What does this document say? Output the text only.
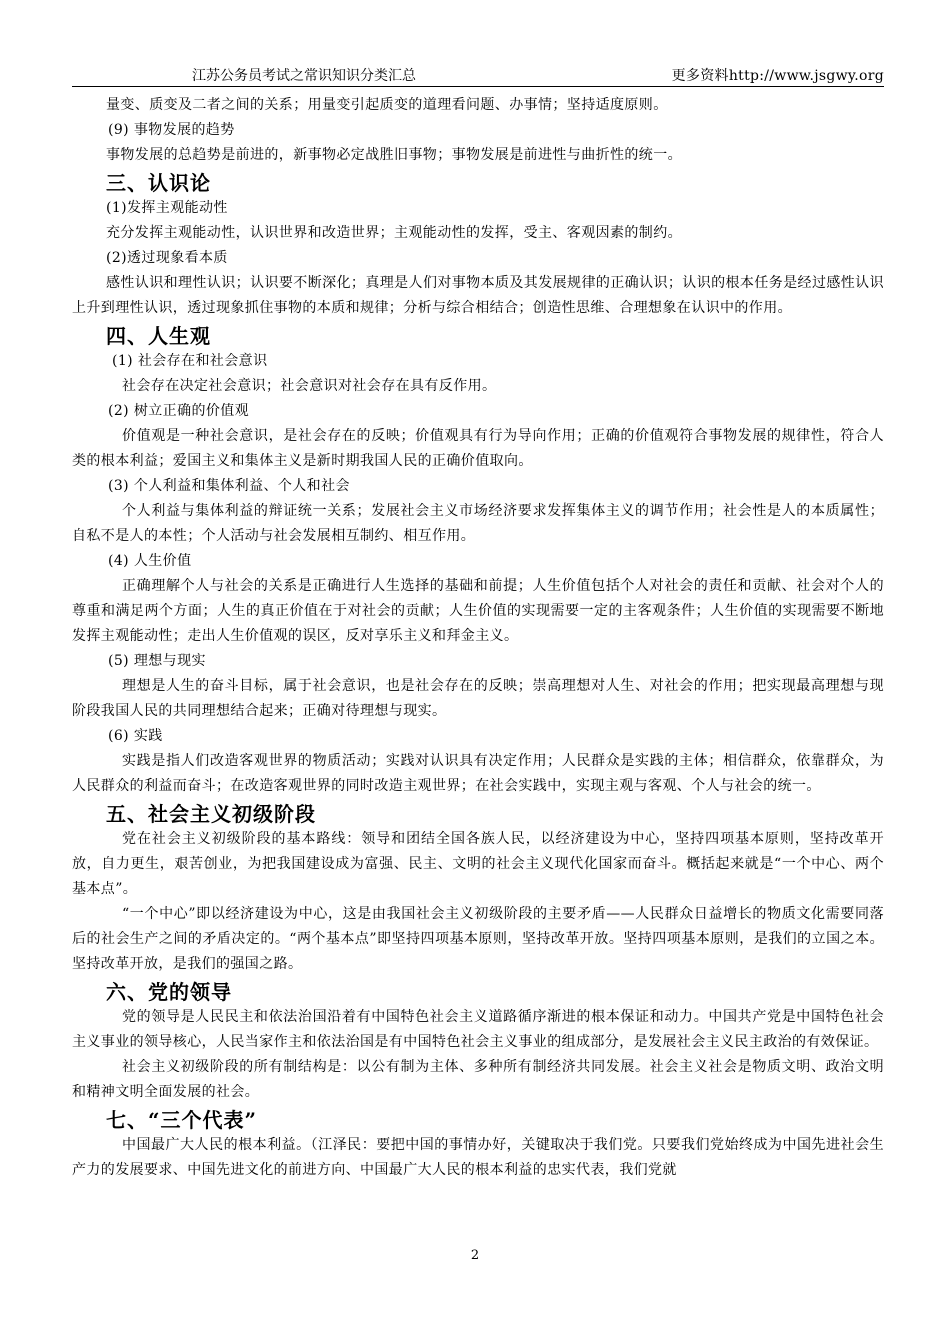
江苏公务员考试之常识知识分类汇总	更多资料http://www.jsgwy.org

量变、质变及二者之间的关系；用量变引起质变的道理看问题、办事情；坚持适度原则。

(9) 事物发展的趋势

事物发展的总趋势是前进的，新事物必定战胜旧事物；事物发展是前进性与曲折性的统一。

三、认识论

(1)发挥主观能动性

充分发挥主观能动性，认识世界和改造世界；主观能动性的发挥，受主、客观因素的制约。

(2)透过现象看本质

感性认识和理性认识；认识要不断深化；真理是人们对事物本质及其发展规律的正确认识；认识的根本任务是经过感性认识上升到理性认识，透过现象抓住事物的本质和规律；分析与综合相结合；创造性思维、合理想象在认识中的作用。

四、人生观

(1) 社会存在和社会意识

社会存在决定社会意识；社会意识对社会存在具有反作用。

(2) 树立正确的价值观

价值观是一种社会意识，是社会存在的反映；价值观具有行为导向作用；正确的价值观符合事物发展的规律性，符合人类的根本利益；爱国主义和集体主义是新时期我国人民的正确价值取向。

(3) 个人利益和集体利益、个人和社会

个人利益与集体利益的辩证统一关系；发展社会主义市场经济要求发挥集体主义的调节作用；社会性是人的本质属性；自私不是人的本性；个人活动与社会发展相互制约、相互作用。

(4) 人生价值

正确理解个人与社会的关系是正确进行人生选择的基础和前提；人生价值包括个人对社会的责任和贡献、社会对个人的尊重和满足两个方面；人生的真正价值在于对社会的贡献；人生价值的实现需要一定的主客观条件；人生价值的实现需要不断地发挥主观能动性；走出人生价值观的误区，反对享乐主义和拜金主义。

(5) 理想与现实

理想是人生的奋斗目标，属于社会意识，也是社会存在的反映；崇高理想对人生、对社会的作用；把实现最高理想与现阶段我国人民的共同理想结合起来；正确对待理想与现实。

(6) 实践

实践是指人们改造客观世界的物质活动；实践对认识具有决定作用；人民群众是实践的主体；相信群众，依靠群众，为人民群众的利益而奋斗；在改造客观世界的同时改造主观世界；在社会实践中，实现主观与客观、个人与社会的统一。

五、社会主义初级阶段

党在社会主义初级阶段的基本路线：领导和团结全国各族人民，以经济建设为中心，坚持四项基本原则，坚持改革开放，自力更生，艰苦创业，为把我国建设成为富强、民主、文明的社会主义现代化国家而奋斗。概括起来就是“一个中心、两个基本点”。

“一个中心”即以经济建设为中心，这是由我国社会主义初级阶段的主要矛盾——人民群众日益增长的物质文化需要同落后的社会生产之间的矛盾决定的。“两个基本点”即坚持四项基本原则，坚持改革开放。坚持四项基本原则，是我们的立国之本。坚持改革开放，是我们的强国之路。

六、党的领导

党的领导是人民民主和依法治国沿着有中国特色社会主义道路循序渐进的根本保证和动力。中国共产党是中国特色社会主义事业的领导核心，人民当家作主和依法治国是有中国特色社会主义事业的组成部分，是发展社会主义民主政治的有效保证。

社会主义初级阶段的所有制结构是：以公有制为主体、多种所有制经济共同发展。社会主义社会是物质文明、政治文明和精神文明全面发展的社会。

七、“三个代表”

中国最广大人民的根本利益。（江泽民：要把中国的事情办好，关键取决于我们党。只要我们党始终成为中国先进社会生产力的发展要求、中国先进文化的前进方向、中国最广大人民的根本利益的忠实代表，我们党就

2
